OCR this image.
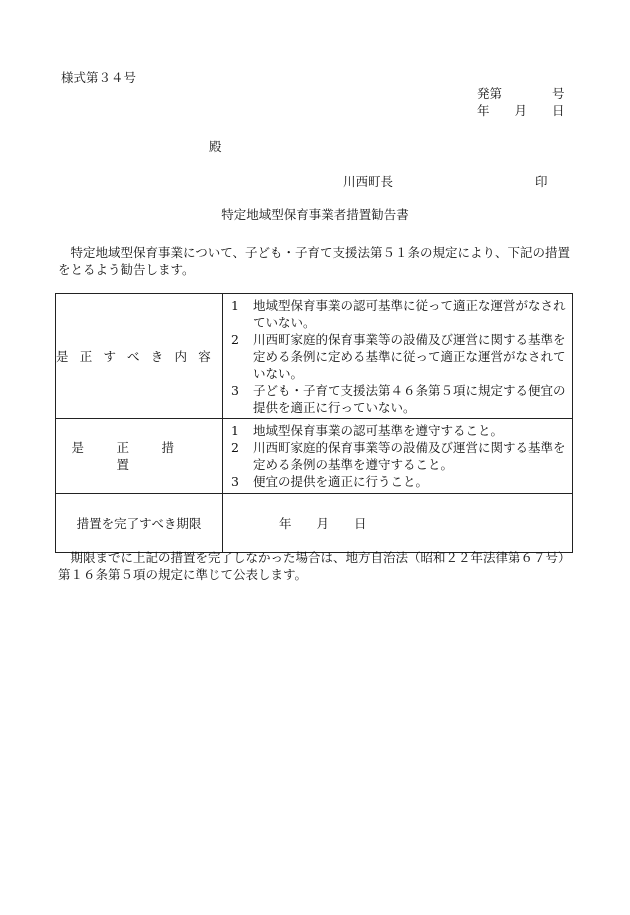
様式第３４号
発第　　　　号
年　　月　　日
殿
川西町長	印
特定地域型保育事業者措置勧告書
特定地域型保育事業について、子ども・子育て支援法第５１条の規定により、下記の措置をとるよう勧告します。
是正すべき内容	1 地域型保育事業の認可基準に従って適正な運営がなされていない。
2 川西町家庭的保育事業等の設備及び運営に関する基準を定める条例に定める基準に従って適正な運営がなされていない。
3 子ども・子育て支援法第４６条第５項に規定する便宜の提供を適正に行っていない。

是正措置	1 地域型保育事業の認可基準を遵守すること。
2 川西町家庭的保育事業等の設備及び運営に関する基準を定める条例の基準を遵守すること。
3 便宜の提供を適正に行うこと。

措置を完了すべき期限	年　　月　　日
期限までに上記の措置を完了しなかった場合は、地方自治法（昭和２２年法律第６７号）第１６条第５項の規定に準じて公表します。
